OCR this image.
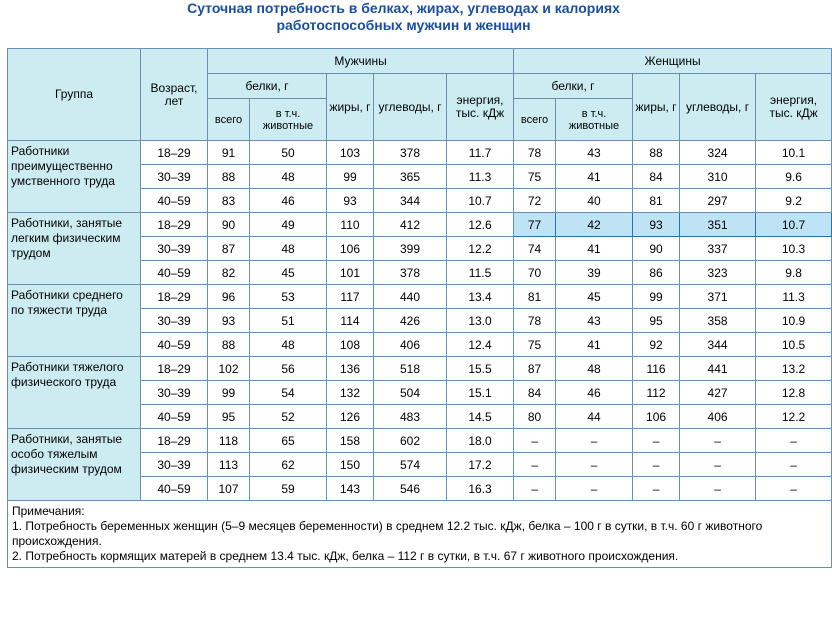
Суточная потребность в белках, жирах, углеводах и калориях
работоспособных мужчин и женщин
Группа	Возраст, лет	Мужчины					Женщины				
		белки, г		жиры, г	углеводы, г	энергия, тыс. кДж	белки, г		жиры, г	углеводы, г	энергия, тыс. кДж
		всего	в т.ч. животные				всего	в т.ч. животные			
Работники преимущественно умственного труда	18–29	91	50	103	378	11.7	78	43	88	324	10.1
	30–39	88	48	99	365	11.3	75	41	84	310	9.6
	40–59	83	46	93	344	10.7	72	40	81	297	9.2
Работники, занятые легким физическим трудом	18–29	90	49	110	412	12.6	77	42	93	351	10.7
	30–39	87	48	106	399	12.2	74	41	90	337	10.3
	40–59	82	45	101	378	11.5	70	39	86	323	9.8
Работники среднего по тяжести труда	18–29	96	53	117	440	13.4	81	45	99	371	11.3
	30–39	93	51	114	426	13.0	78	43	95	358	10.9
	40–59	88	48	108	406	12.4	75	41	92	344	10.5
Работники тяжелого физического труда	18–29	102	56	136	518	15.5	87	48	116	441	13.2
	30–39	99	54	132	504	15.1	84	46	112	427	12.8
	40–59	95	52	126	483	14.5	80	44	106	406	12.2
Работники, занятые особо тяжелым физическим трудом	18–29	118	65	158	602	18.0	–	–	–	–	–
	30–39	113	62	150	574	17.2	–	–	–	–	–
	40–59	107	59	143	546	16.3	–	–	–	–	–

Примечания:
1. Потребность беременных женщин (5–9 месяцев беременности) в среднем 12.2 тыс. кДж, белка – 100 г в сутки, в т.ч. 60 г животного происхождения.
2. Потребность кормящих матерей в среднем 13.4 тыс. кДж, белка – 112 г в сутки, в т.ч. 67 г животного происхождения.											
